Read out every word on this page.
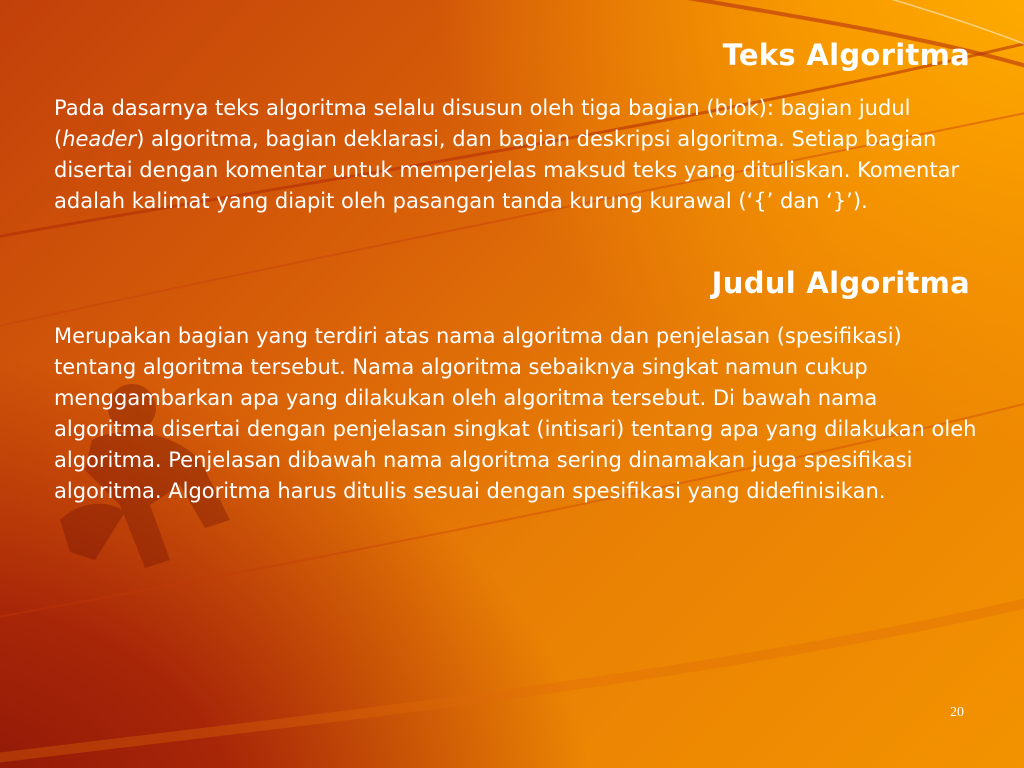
Teks Algoritma

Pada dasarnya teks algoritma selalu disusun oleh tiga bagian (blok): bagian judul (header) algoritma, bagian deklarasi, dan bagian deskripsi algoritma. Setiap bagian disertai dengan komentar untuk memperjelas maksud teks yang dituliskan. Komentar adalah kalimat yang diapit oleh pasangan tanda kurung kurawal (‘{’ dan ‘}’).

Judul Algoritma

Merupakan bagian yang terdiri atas nama algoritma dan penjelasan (spesifikasi) tentang algoritma tersebut. Nama algoritma sebaiknya singkat namun cukup menggambarkan apa yang dilakukan oleh algoritma tersebut. Di bawah nama algoritma disertai dengan penjelasan singkat (intisari) tentang apa yang dilakukan oleh algoritma. Penjelasan dibawah nama algoritma sering dinamakan juga spesifikasi algoritma. Algoritma harus ditulis sesuai dengan spesifikasi yang didefinisikan.

20
